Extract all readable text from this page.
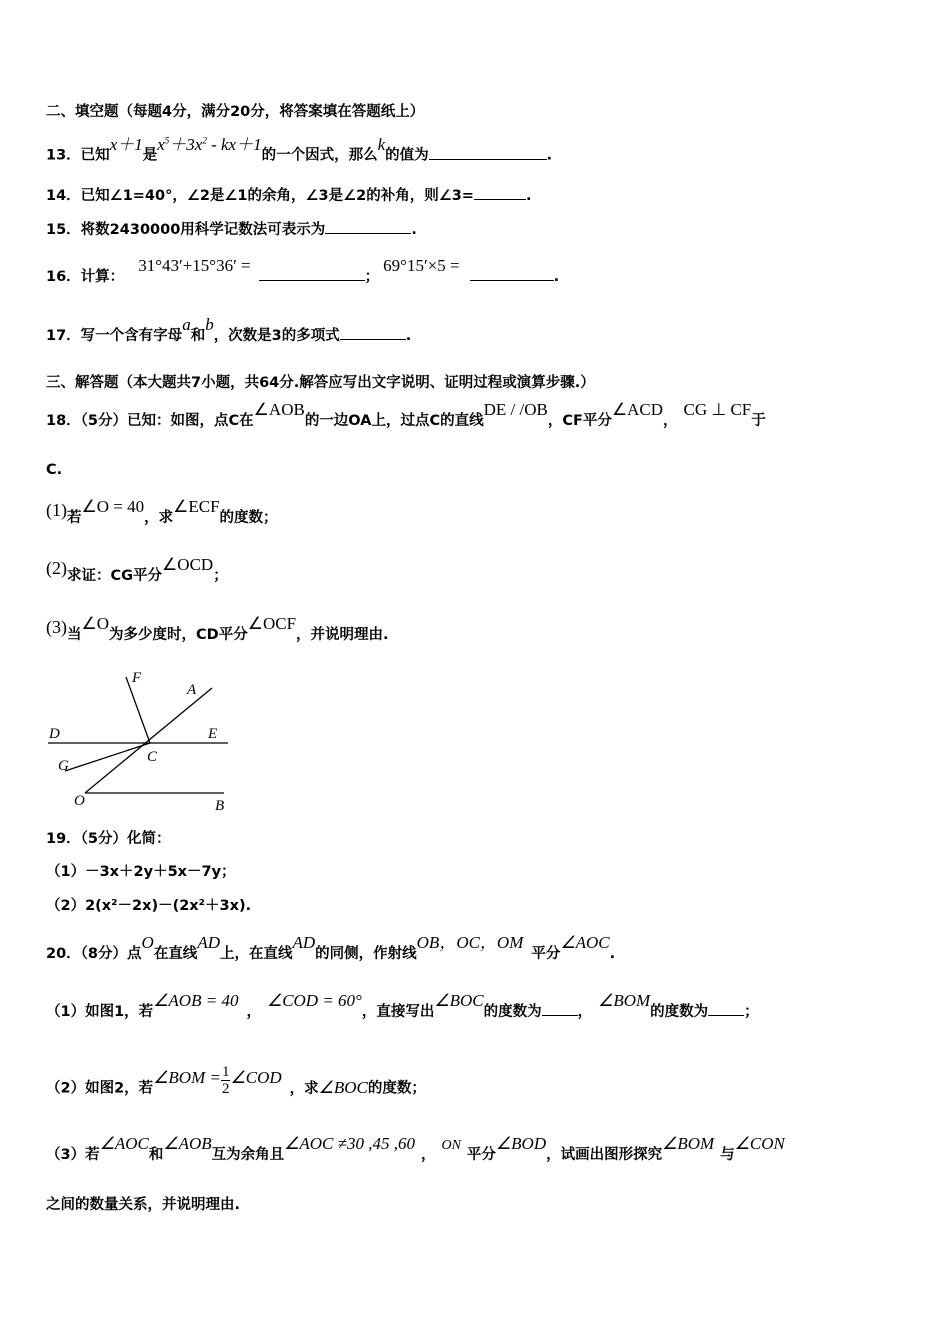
二、填空题（每题4分，满分20分，将答案填在答题纸上）
13．已知x＋1是$x^5+3x^2 - kx+1$的一个因式，那么k的值为	.
14．已知∠1=40°，∠2是∠1的余角，∠3是∠2的补角，则∠3=	.
15．将数2430000用科学记数法可表示为	.
16．计算：31°43′+15°36′ =；69°15′×5 =.
17．写一个含有字母a和b，次数是3的多项式	.
三、解答题（本大题共7小题，共64分.解答应写出文字说明、证明过程或演算步骤.）
18．（5分）已知：如图，点C在∠AOB的一边OA上，过点C的直线DE / /OB，CF平分∠ACD，CG ⊥ CF于
C.
(1)若∠O = 40，求∠ECF的度数；
(2)求证：CG平分∠OCD；
(3)当∠O为多少度时，CD平分∠OCF，并说明理由.
F
A
D	E
G
C
O	B
19．（5分）化简：
（1）－3x＋2y＋5x－7y；
（2）2(x²－2x)－(2x²＋3x).
20．（8分）点O在直线AD上，在直线AD的同侧，作射线OB，OC，OM平分∠AOC.
（1）如图1，若∠AOB = 40，∠COD = 60°，直接写出∠BOC的度数为 ，∠BOM的度数为 ；
（2）如图2，若∠BOM = $\frac{1}{2}$ ∠COD，求∠BOC的度数；
（3）若∠AOC和∠AOB互为余角且∠AOC ≠30 ,45 ,60，ON平分∠BOD，试画出图形探究∠BOM与∠CON
之间的数量关系，并说明理由.
